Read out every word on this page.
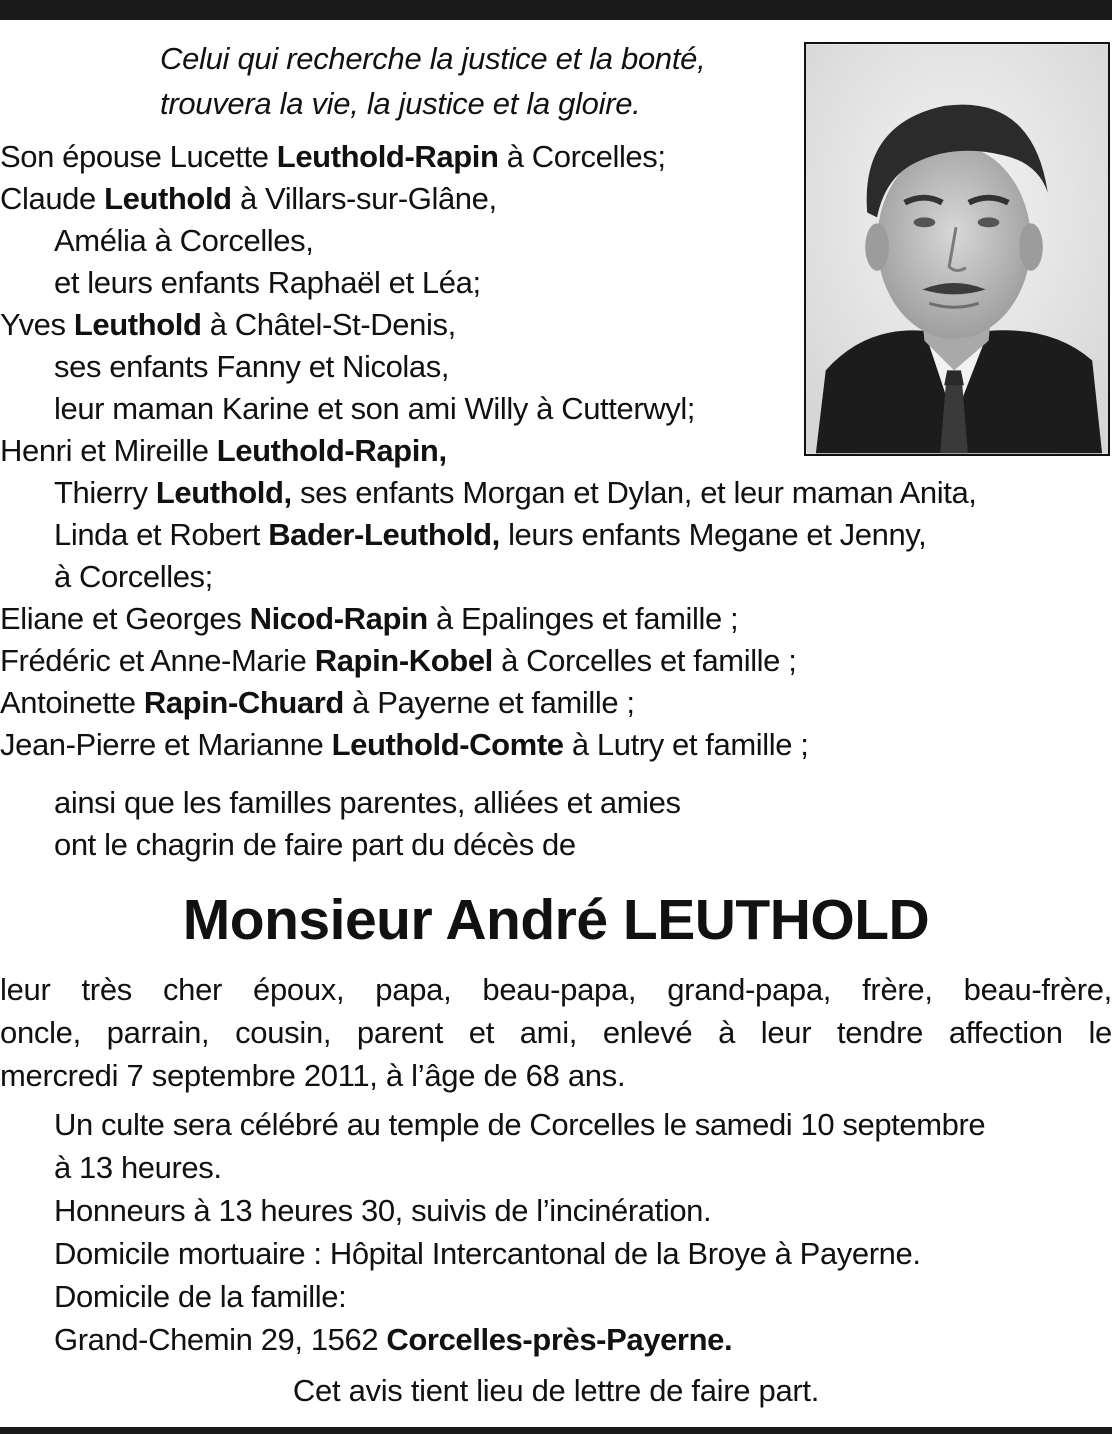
Celui qui recherche la justice et la bonté,
trouvera la vie, la justice et la gloire.
Son épouse Lucette Leuthold-Rapin à Corcelles;
Claude Leuthold à Villars-sur-Glâne,
Amélia à Corcelles,
et leurs enfants Raphaël et Léa;
Yves Leuthold à Châtel-St-Denis,
ses enfants Fanny et Nicolas,
leur maman Karine et son ami Willy à Cutterwyl;
Henri et Mireille Leuthold-Rapin,
Thierry Leuthold, ses enfants Morgan et Dylan, et leur maman Anita,
Linda et Robert Bader-Leuthold, leurs enfants Megane et Jenny,
à Corcelles;
Eliane et Georges Nicod-Rapin à Epalinges et famille ;
Frédéric et Anne-Marie Rapin-Kobel à Corcelles et famille ;
Antoinette Rapin-Chuard à Payerne et famille ;
Jean-Pierre et Marianne Leuthold-Comte à Lutry et famille ;
ainsi que les familles parentes, alliées et amies
ont le chagrin de faire part du décès de
Monsieur André LEUTHOLD
leur très cher époux, papa, beau-papa, grand-papa, frère, beau-frère,
oncle, parrain, cousin, parent et ami, enlevé à leur tendre affection le
mercredi 7 septembre 2011, à l’âge de 68 ans.
Un culte sera célébré au temple de Corcelles le samedi 10 septembre
à 13 heures.
Honneurs à 13 heures 30, suivis de l’incinération.
Domicile mortuaire : Hôpital Intercantonal de la Broye à Payerne.
Domicile de la famille:
Grand-Chemin 29, 1562 Corcelles-près-Payerne.
Cet avis tient lieu de lettre de faire part.
